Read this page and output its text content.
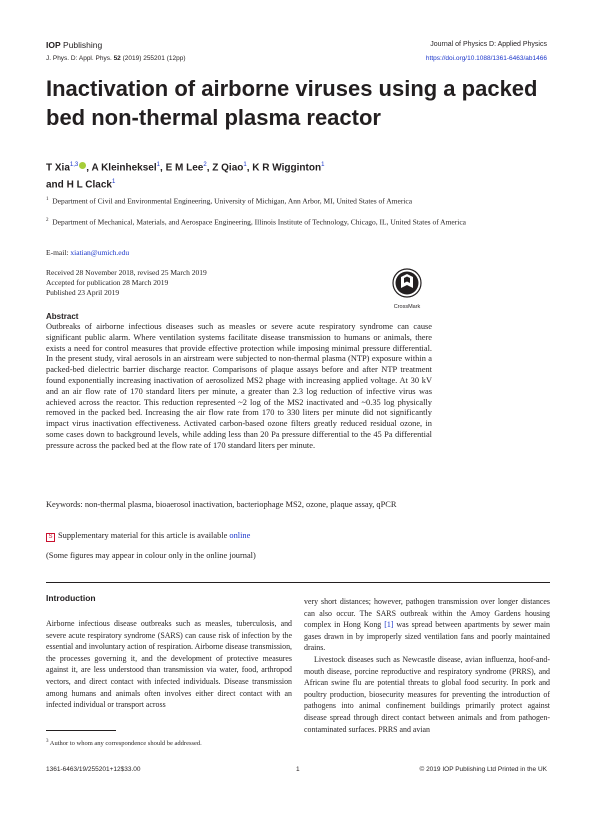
IOP Publishing	Journal of Physics D: Applied Physics
J. Phys. D: Appl. Phys. 52 (2019) 255201 (12pp)	https://doi.org/10.1088/1361-6463/ab1466
Inactivation of airborne viruses using a packed bed non-thermal plasma reactor
T Xia$^{1,3}$ , A Kleinheksel$^1$, E M Lee$^2$, Z Qiao$^1$, K R Wigginton$^1$
and H L Clack$^1$
$^1$ Department of Civil and Environmental Engineering, University of Michigan, Ann Arbor, MI, United States of America
$^2$ Department of Mechanical, Materials, and Aerospace Engineering, Illinois Institute of Technology, Chicago, IL, United States of America
E-mail: xiatian@umich.edu
Received 28 November 2018, revised 25 March 2019
Accepted for publication 28 March 2019
Published 23 April 2019
CrossMark
Abstract
Outbreaks of airborne infectious diseases such as measles or severe acute respiratory syndrome can cause significant public alarm. Where ventilation systems facilitate disease transmission to humans or animals, there exists a need for control measures that provide effective protection while imposing minimal pressure differential. In the present study, viral aerosols in an airstream were subjected to non-thermal plasma (NTP) exposure within a packed-bed dielectric barrier discharge reactor. Comparisons of plaque assays before and after NTP treatment found exponentially increasing inactivation of aerosolized MS2 phage with increasing applied voltage. At 30 kV and an air flow rate of 170 standard liters per minute, a greater than 2.3 log reduction of infective virus was achieved across the reactor. This reduction represented ~2 log of the MS2 inactivated and ~0.35 log physically removed in the packed bed. Increasing the air flow rate from 170 to 330 liters per minute did not significantly impact virus inactivation effectiveness. Activated carbon-based ozone filters greatly reduced residual ozone, in some cases down to background levels, while adding less than 20 Pa pressure differential to the 45 Pa differential pressure across the packed bed at the flow rate of 170 standard liters per minute.
Keywords: non-thermal plasma, bioaerosol inactivation, bacteriophage MS2, ozone, plaque assay, qPCR
S Supplementary material for this article is available online
(Some figures may appear in colour only in the online journal)
Introduction

Airborne infectious disease outbreaks such as measles, tuberculosis, and severe acute respiratory syndrome (SARS) can cause risk of infection by the essential and involuntary action of respiration. Airborne disease transmission, the processes governing it, and the development of protective measures against it, are less understood than transmission via water, food, arthropod vectors, and direct contact with infected individuals. Disease transmission among humans and animals often involves either direct contact with an infected individual or transport across

very short distances; however, pathogen transmission over longer distances can also occur. The SARS outbreak within the Amoy Gardens housing complex in Hong Kong [1] was spread between apartments by sewer main gases drawn in by improperly sized ventilation fans and poorly maintained drains.

Livestock diseases such as Newcastle disease, avian influenza, hoof-and-mouth disease, porcine reproductive and respiratory syndrome (PRRS), and African swine flu are potential threats to global food security. In pork and poultry production, biosecurity measures for preventing the introduction of pathogens into animal confinement buildings primarily protect against disease spread through direct contact between animals and from pathogen-contaminated surfaces. PRRS and avian

$^3$ Author to whom any correspondence should be addressed.
1361-6463/19/255201+12$33.00	1	© 2019 IOP Publishing Ltd Printed in the UK
